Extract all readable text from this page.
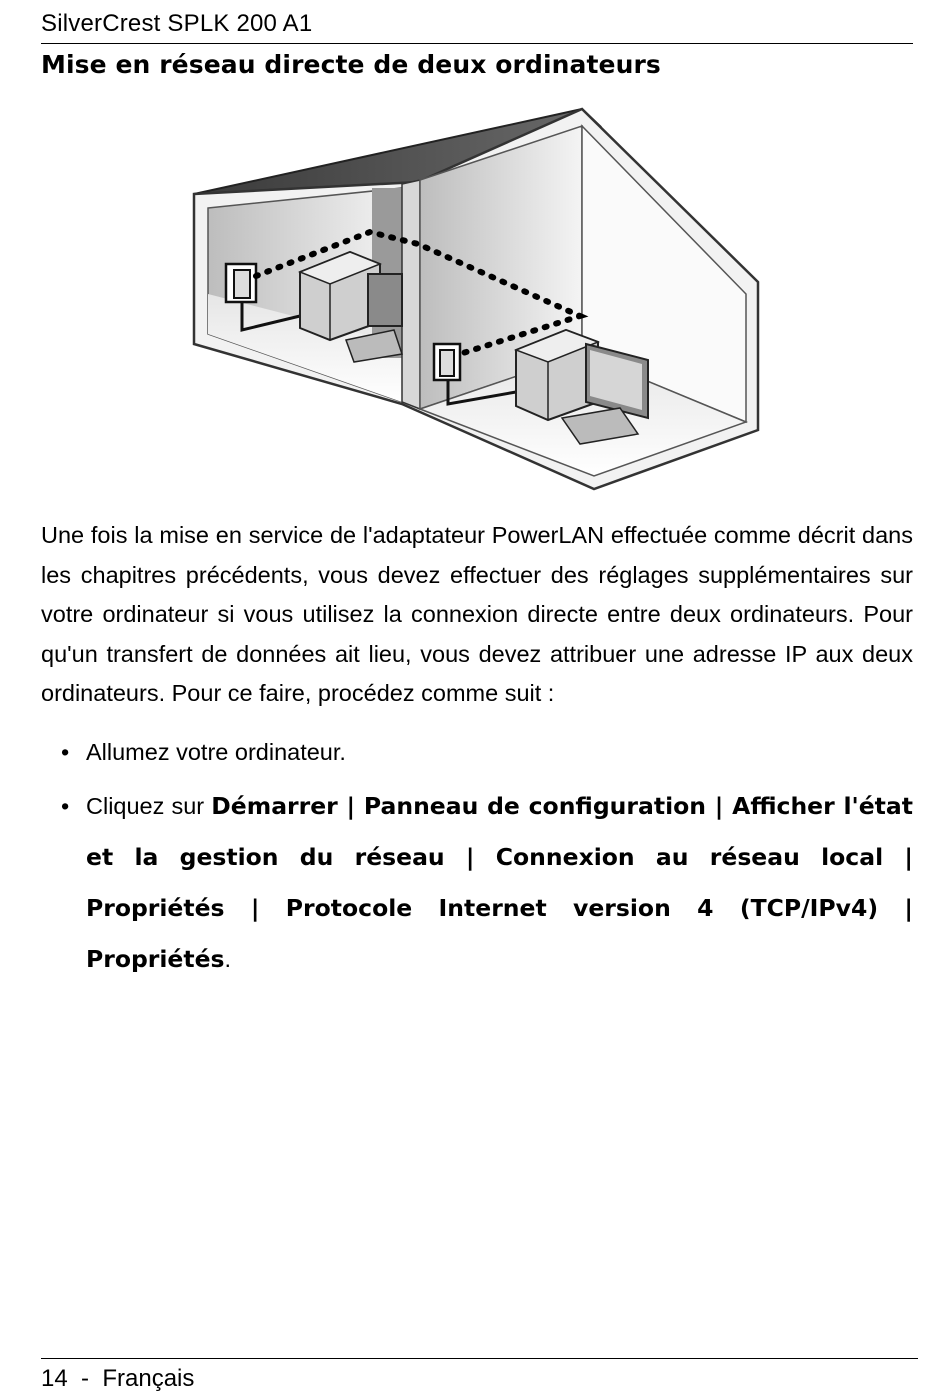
SilverCrest SPLK 200 A1
Mise en réseau directe de deux ordinateurs
Une fois la mise en service de l'adaptateur PowerLAN effectuée comme décrit dans les chapitres précédents, vous devez effectuer des réglages supplémentaires sur votre ordinateur si vous utilisez la connexion directe entre deux ordinateurs. Pour qu'un transfert de données ait lieu, vous devez attribuer une adresse IP aux deux ordinateurs. Pour ce faire, procédez comme suit :
• Allumez votre ordinateur.
• Cliquez sur Démarrer | Panneau de configuration | Afficher l'état et la gestion du réseau | Connexion au réseau local | Propriétés | Protocole Internet version 4 (TCP/IPv4) | Propriétés.
14  -  Français
